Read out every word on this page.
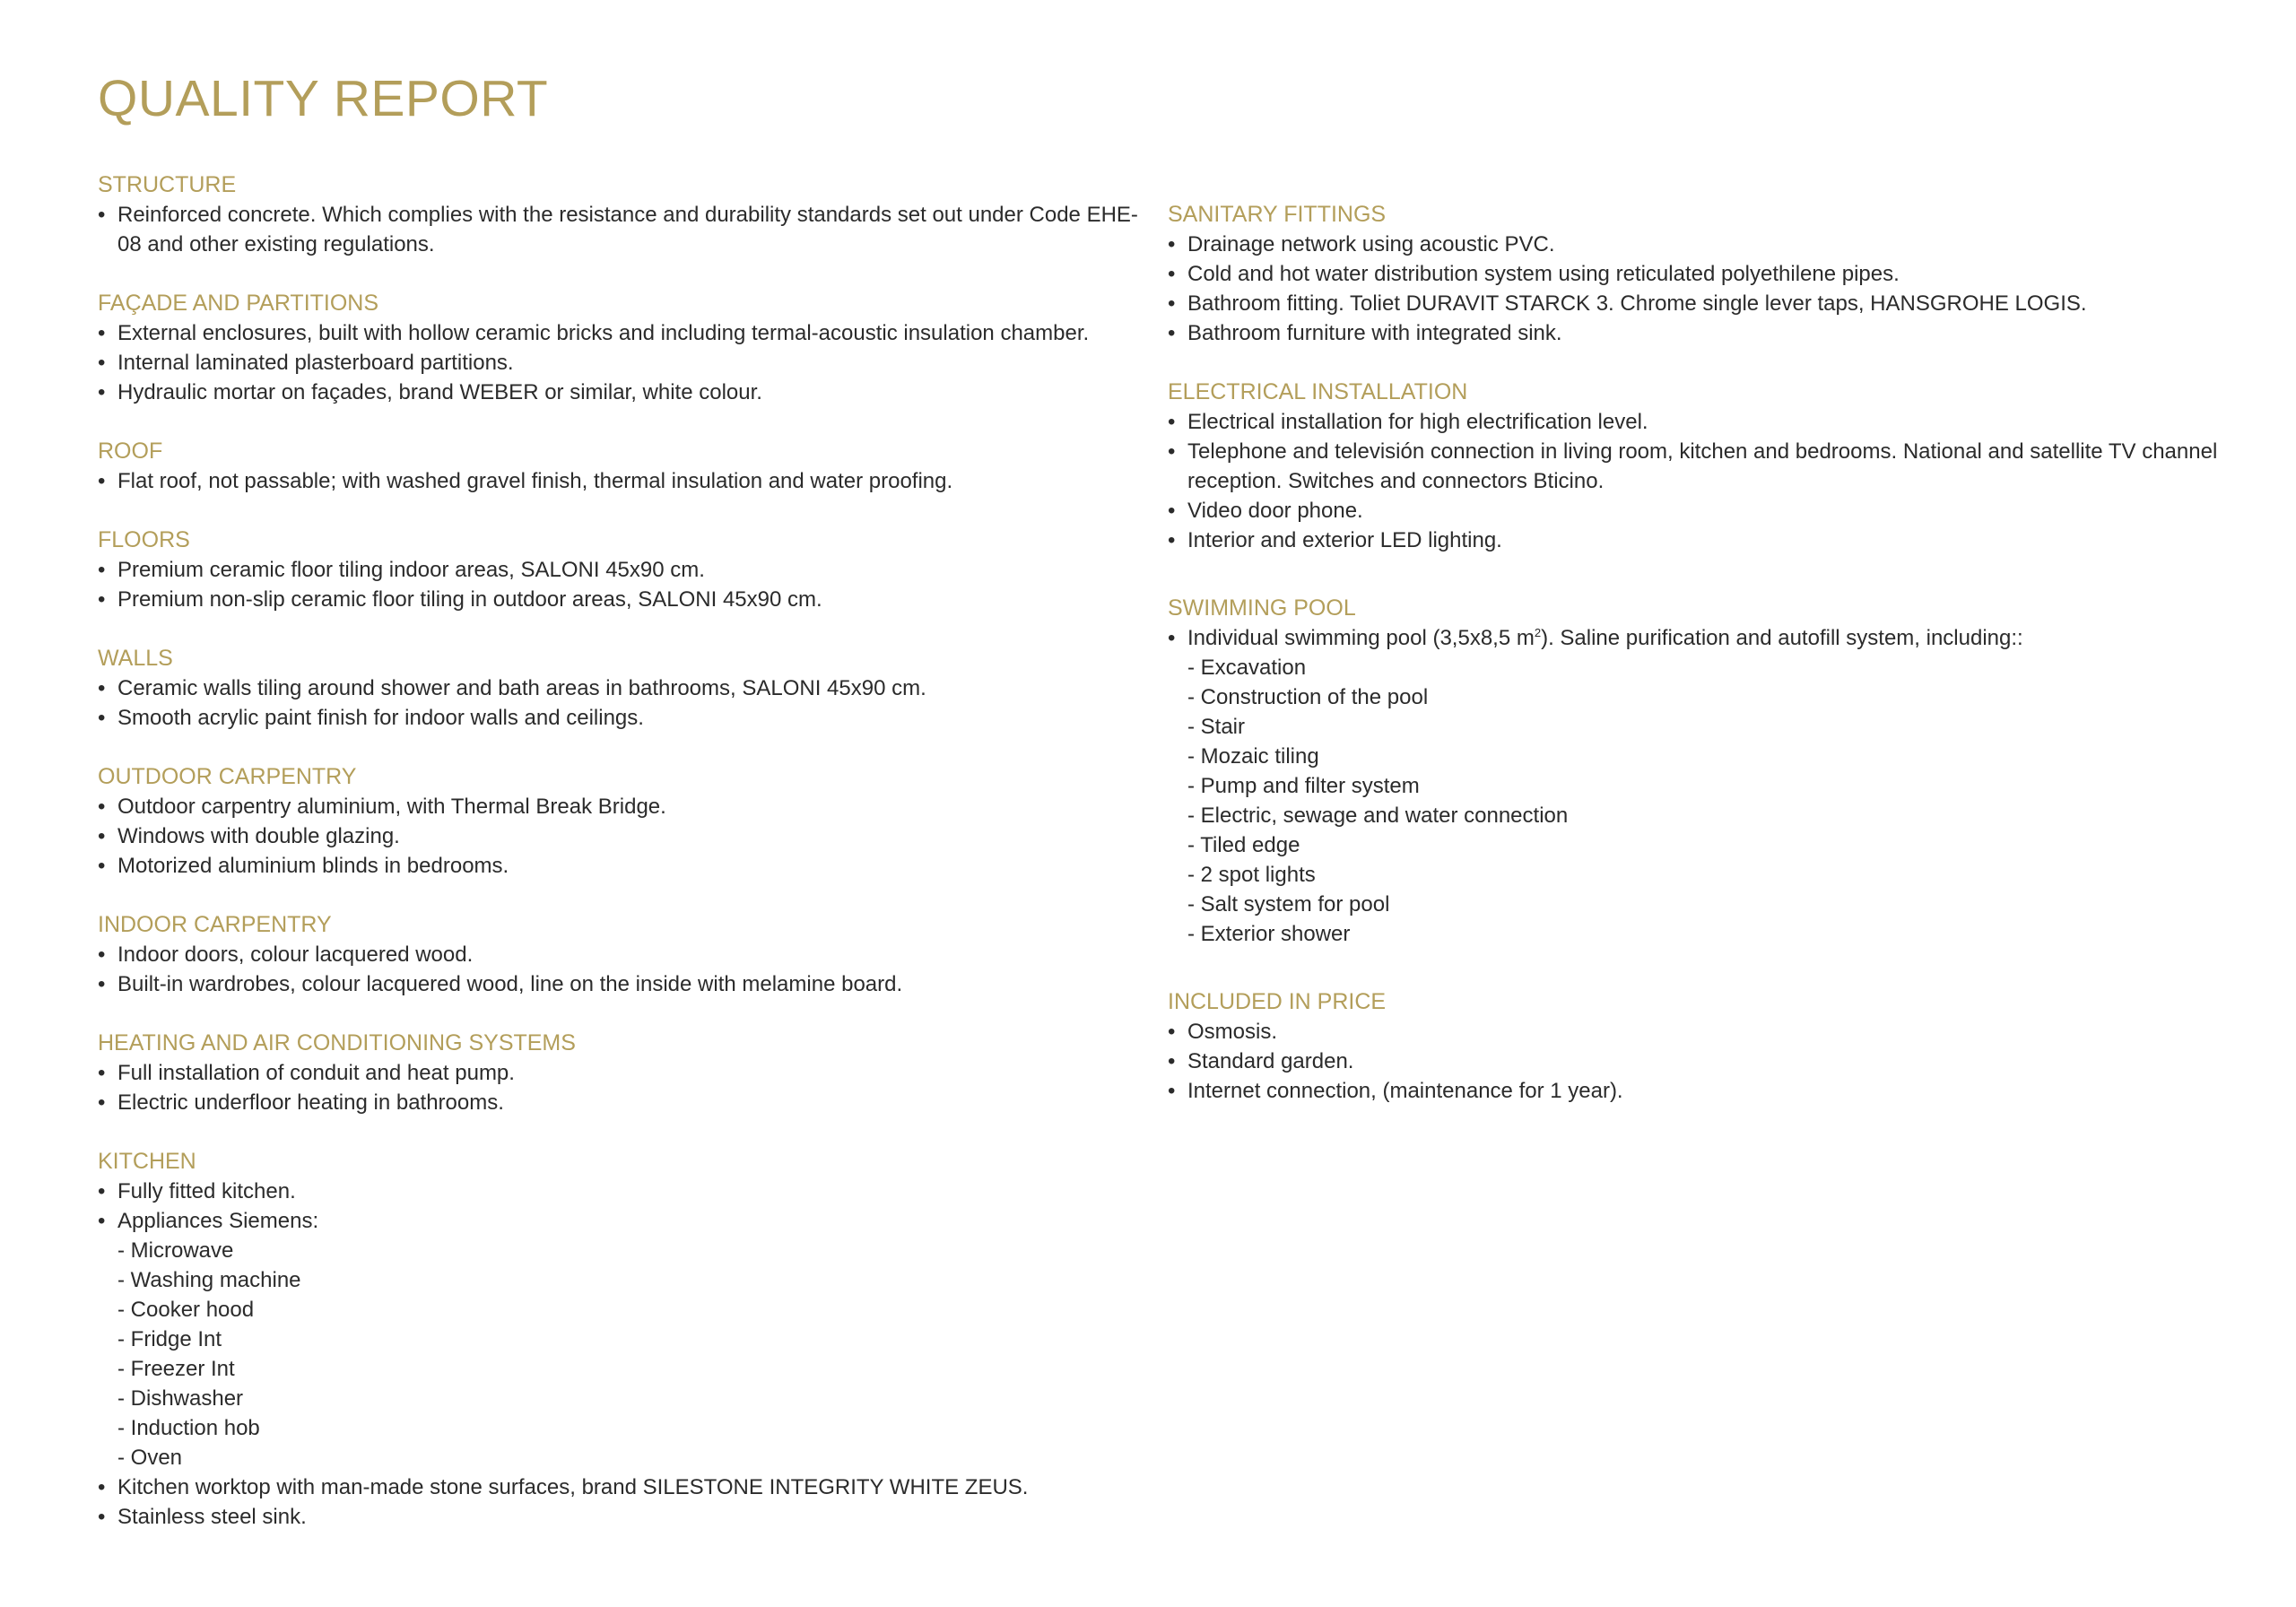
QUALITY REPORT
STRUCTURE
• Reinforced concrete. Which complies with the resistance and durability standards set out under Code EHE-08 and other existing regulations.
FAÇADE AND PARTITIONS
• External enclosures, built with hollow ceramic bricks and including termal-acoustic insulation chamber.
• Internal laminated plasterboard partitions.
• Hydraulic mortar on façades, brand WEBER or similar, white colour.
ROOF
• Flat roof, not passable; with washed gravel finish, thermal insulation and water proofing.
FLOORS
• Premium ceramic floor tiling indoor areas, SALONI 45x90 cm.
• Premium non-slip ceramic floor tiling in outdoor areas, SALONI 45x90 cm.
WALLS
• Ceramic walls tiling around shower and bath areas in bathrooms, SALONI 45x90 cm.
• Smooth acrylic paint finish for indoor walls and ceilings.
OUTDOOR CARPENTRY
• Outdoor carpentry aluminium, with Thermal Break Bridge.
• Windows with double glazing.
• Motorized aluminium blinds in bedrooms.
INDOOR CARPENTRY
• Indoor doors, colour lacquered wood.
• Built-in wardrobes, colour lacquered wood, line on the inside with melamine board.
HEATING AND AIR CONDITIONING SYSTEMS
• Full installation of conduit and heat pump.
• Electric underfloor heating in bathrooms.
KITCHEN
• Fully fitted kitchen.
• Appliances Siemens:
- Microwave
- Washing machine
- Cooker hood
- Fridge Int
- Freezer Int
- Dishwasher
- Induction hob
- Oven
• Kitchen worktop with man-made stone surfaces, brand SILESTONE INTEGRITY WHITE ZEUS.
• Stainless steel sink.
SANITARY FITTINGS
• Drainage network using acoustic PVC.
• Cold and hot water distribution system using reticulated polyethilene pipes.
• Bathroom fitting. Toliet DURAVIT STARCK 3. Chrome single lever taps, HANSGROHE LOGIS.
• Bathroom furniture with integrated sink.
ELECTRICAL INSTALLATION
• Electrical installation for high electrification level.
• Telephone and televisión connection in living room, kitchen and bedrooms. National and satellite TV channel reception. Switches and connectors Bticino.
• Video door phone.
• Interior and exterior LED lighting.
SWIMMING POOL
• Individual swimming pool (3,5x8,5 $m^2$). Saline purification and autofill system, including::
- Excavation
- Construction of the pool
- Stair
- Mozaic tiling
- Pump and filter system
- Electric, sewage and water connection
- Tiled edge
- 2 spot lights
- Salt system for pool
- Exterior shower
INCLUDED IN PRICE
• Osmosis.
• Standard garden.
• Internet connection, (maintenance for 1 year).
